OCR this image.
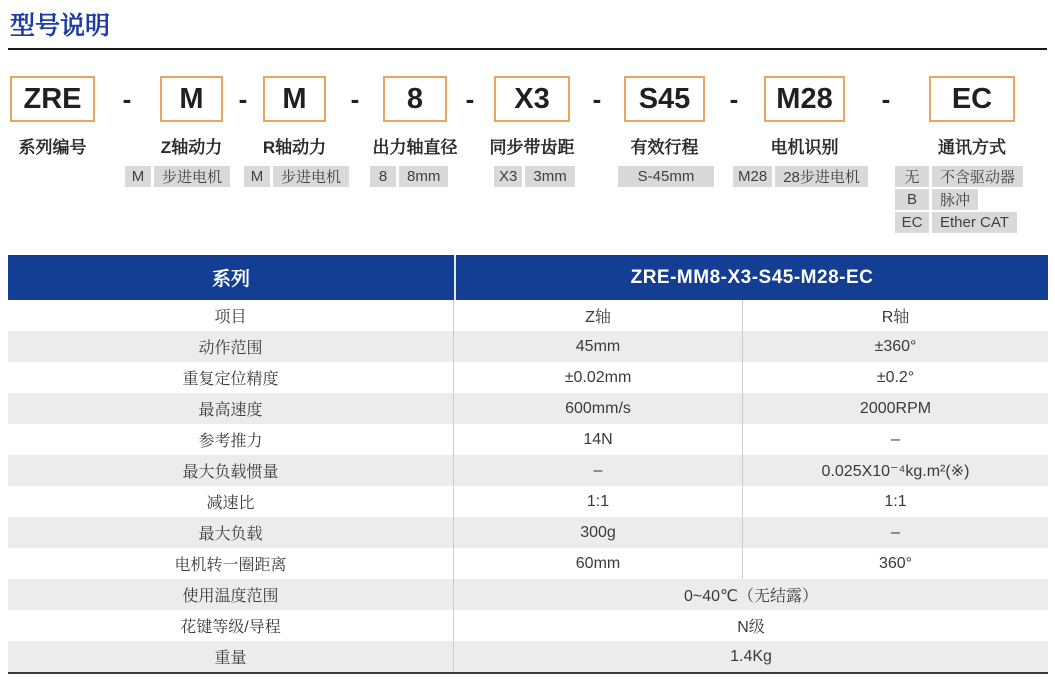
型号说明
ZRE
系列编号
M
Z轴动力
M	步进电机
M
R轴动力
M	步进电机
8
出力轴直径
8	8mm
X3
同步带齿距
X3	3mm
S45
有效行程
S-45mm
M28
电机识别
M28	28步进电机
EC
通讯方式
无	不含驱动器
B	脉冲
EC	Ether CAT
-	-	-	-	-	-	-
系列	ZRE-MM8-X3-S45-M28-EC
项目	Z轴	R轴
动作范围	45mm	±360°
重复定位精度	±0.02mm	±0.2°
最高速度	600mm/s	2000RPM
参考推力	14N	–
最大负载惯量	–	0.025X10⁻⁴kg.m²(※)
减速比	1:1	1:1
最大负载	300g	–
电机转一圈距离	60mm	360°
使用温度范围	0~40℃（无结露）
花键等级/导程	N级
重量	1.4Kg
